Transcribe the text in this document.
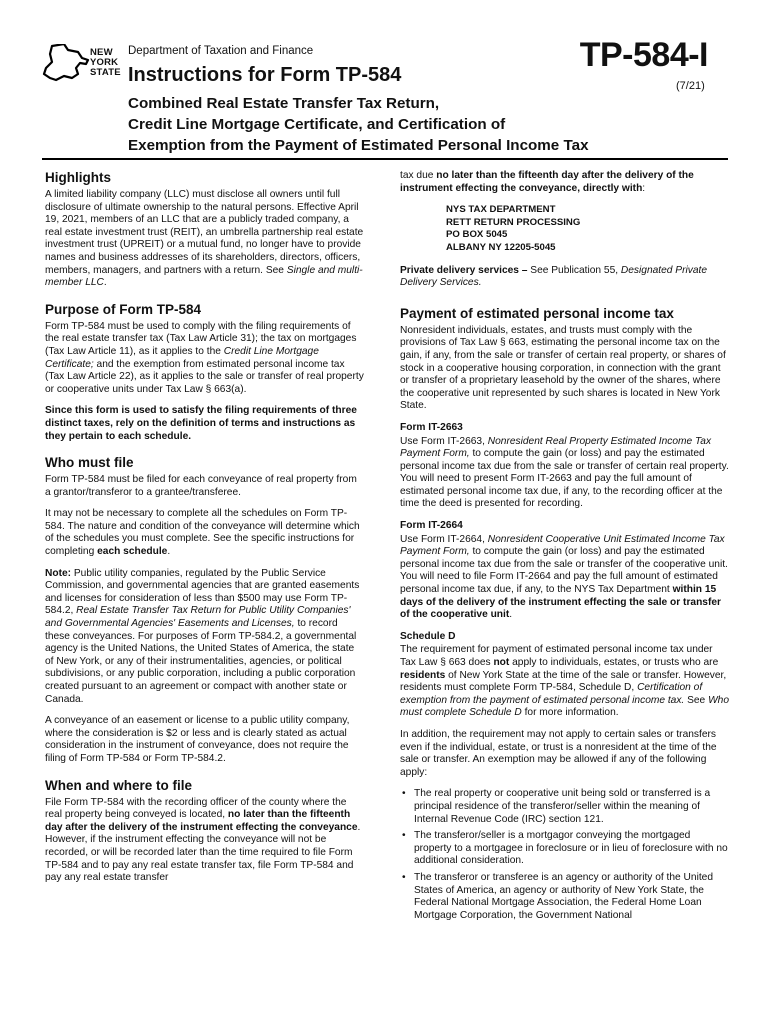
NEW
YORK
STATE
Department of Taxation and Finance
Instructions for Form TP-584
TP-584-I
(7/21)
Combined Real Estate Transfer Tax Return,
Credit Line Mortgage Certificate, and Certification of
Exemption from the Payment of Estimated Personal Income Tax
Highlights

A limited liability company (LLC) must disclose all owners until full disclosure of ultimate ownership to the natural persons. Effective April 19, 2021, members of an LLC that are a publicly traded company, a real estate investment trust (REIT), an umbrella partnership real estate investment trust (UPREIT) or a mutual fund, no longer have to provide names and business addresses of its shareholders, directors, officers, members, managers, and partners with a return. See Single and multi-member LLC.

Purpose of Form TP-584

Form TP-584 must be used to comply with the filing requirements of the real estate transfer tax (Tax Law Article 31); the tax on mortgages (Tax Law Article 11), as it applies to the Credit Line Mortgage Certificate; and the exemption from estimated personal income tax (Tax Law Article 22), as it applies to the sale or transfer of real property or cooperative units under Tax Law § 663(a).

Since this form is used to satisfy the filing requirements of three distinct taxes, rely on the definition of terms and instructions as they pertain to each schedule.

Who must file

Form TP-584 must be filed for each conveyance of real property from a grantor/transferor to a grantee/transferee.

It may not be necessary to complete all the schedules on Form TP-584. The nature and condition of the conveyance will determine which of the schedules you must complete. See the specific instructions for completing each schedule.

Note: Public utility companies, regulated by the Public Service Commission, and governmental agencies that are granted easements and licenses for consideration of less than $500 may use Form TP-584.2, Real Estate Transfer Tax Return for Public Utility Companies' and Governmental Agencies' Easements and Licenses, to record these conveyances. For purposes of Form TP-584.2, a governmental agency is the United Nations, the United States of America, the state of New York, or any of their instrumentalities, agencies, or political subdivisions, or any public corporation, including a public corporation created pursuant to an agreement or compact with another state or Canada.

A conveyance of an easement or license to a public utility company, where the consideration is $2 or less and is clearly stated as actual consideration in the instrument of conveyance, does not require the filing of Form TP-584 or Form TP-584.2.

When and where to file

File Form TP-584 with the recording officer of the county where the real property being conveyed is located, no later than the fifteenth day after the delivery of the instrument effecting the conveyance. However, if the instrument effecting the conveyance will not be recorded, or will be recorded later than the time required to file Form TP-584 and to pay any real estate transfer tax, file Form TP-584 and pay any real estate transfer

tax due no later than the fifteenth day after the delivery of the instrument effecting the conveyance, directly with:

NYS TAX DEPARTMENT
RETT RETURN PROCESSING
PO BOX 5045
ALBANY NY 12205-5045

Private delivery services – See Publication 55, Designated Private Delivery Services.

Payment of estimated personal income tax

Nonresident individuals, estates, and trusts must comply with the provisions of Tax Law § 663, estimating the personal income tax on the gain, if any, from the sale or transfer of certain real property, or shares of stock in a cooperative housing corporation, in connection with the grant or transfer of a proprietary leasehold by the owner of the shares, where the cooperative unit represented by such shares is located in New York State.

Form IT-2663

Use Form IT-2663, Nonresident Real Property Estimated Income Tax Payment Form, to compute the gain (or loss) and pay the estimated personal income tax due from the sale or transfer of certain real property. You will need to present Form IT-2663 and pay the full amount of estimated personal income tax due, if any, to the recording officer at the time the deed is presented for recording.

Form IT-2664

Use Form IT-2664, Nonresident Cooperative Unit Estimated Income Tax Payment Form, to compute the gain (or loss) and pay the estimated personal income tax due from the sale or transfer of the cooperative unit. You will need to file Form IT-2664 and pay the full amount of estimated personal income tax due, if any, to the NYS Tax Department within 15 days of the delivery of the instrument effecting the sale or transfer of the cooperative unit.

Schedule D

The requirement for payment of estimated personal income tax under Tax Law § 663 does not apply to individuals, estates, or trusts who are residents of New York State at the time of the sale or transfer. However, residents must complete Form TP-584, Schedule D, Certification of exemption from the payment of estimated personal income tax. See Who must complete Schedule D for more information.

In addition, the requirement may not apply to certain sales or transfers even if the individual, estate, or trust is a nonresident at the time of the sale or transfer. An exemption may be allowed if any of the following apply:

• The real property or cooperative unit being sold or transferred is a principal residence of the transferor/seller within the meaning of Internal Revenue Code (IRC) section 121.
• The transferor/seller is a mortgagor conveying the mortgaged property to a mortgagee in foreclosure or in lieu of foreclosure with no additional consideration.
• The transferor or transferee is an agency or authority of the United States of America, an agency or authority of New York State, the Federal National Mortgage Association, the Federal Home Loan Mortgage Corporation, the Government National
